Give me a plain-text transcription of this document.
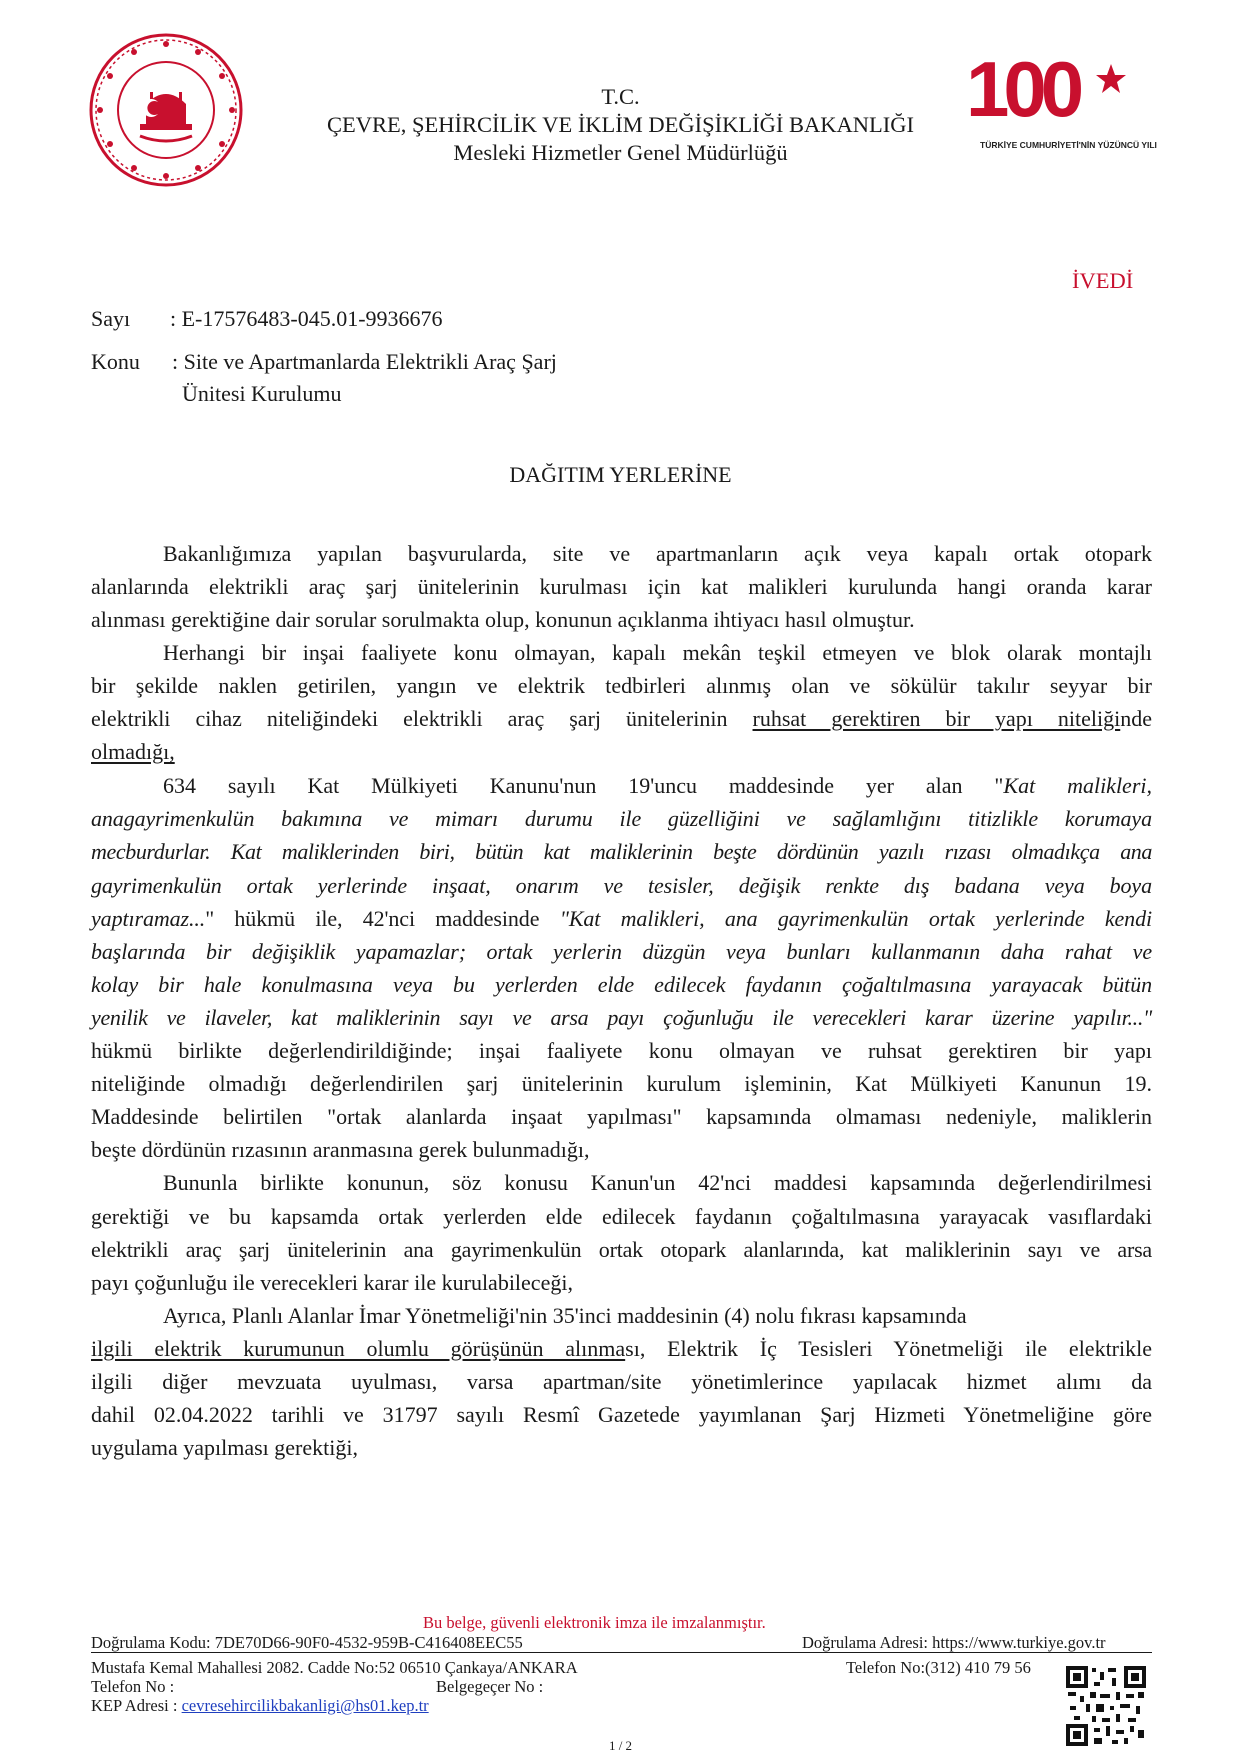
T.C.
ÇEVRE, ŞEHİRCİLİK VE İKLİM DEĞİŞİKLİĞİ BAKANLIĞI
Mesleki Hizmetler Genel Müdürlüğü
100
TÜRKİYE CUMHURİYETİ'NİN YÜZÜNCÜ YILI
İVEDİ
Sayı : E-17576483-045.01-9936676
Konu : Site ve Apartmanlarda Elektrikli Araç Şarj
Ünitesi Kurulumu
DAĞITIM YERLERİNE
Bakanlığımıza yapılan başvurularda, site ve apartmanların açık veya kapalı ortak otopark
alanlarında elektrikli araç şarj ünitelerinin kurulması için kat malikleri kurulunda hangi oranda karar
alınması gerektiğine dair sorular sorulmakta olup, konunun açıklanma ihtiyacı hasıl olmuştur.
Herhangi bir inşai faaliyete konu olmayan, kapalı mekân teşkil etmeyen ve blok olarak montajlı
bir şekilde naklen getirilen, yangın ve elektrik tedbirleri alınmış olan ve sökülür takılır seyyar bir
elektrikli cihaz niteliğindeki elektrikli araç şarj ünitelerinin ruhsat gerektiren bir yapı niteliğinde
olmadığı,
634 sayılı Kat Mülkiyeti Kanunu'nun 19'uncu maddesinde yer alan "Kat malikleri,
anagayrimenkulün bakımına ve mimarı durumu ile güzelliğini ve sağlamlığını titizlikle korumaya
mecburdurlar. Kat maliklerinden biri, bütün kat maliklerinin beşte dördünün yazılı rızası olmadıkça ana
gayrimenkulün ortak yerlerinde inşaat, onarım ve tesisler, değişik renkte dış badana veya boya
yaptıramaz..." hükmü ile, 42'nci maddesinde "Kat malikleri, ana gayrimenkulün ortak yerlerinde kendi
başlarında bir değişiklik yapamazlar; ortak yerlerin düzgün veya bunları kullanmanın daha rahat ve
kolay bir hale konulmasına veya bu yerlerden elde edilecek faydanın çoğaltılmasına yarayacak bütün
yenilik ve ilaveler, kat maliklerinin sayı ve arsa payı çoğunluğu ile verecekleri karar üzerine yapılır..."
hükmü birlikte değerlendirildiğinde; inşai faaliyete konu olmayan ve ruhsat gerektiren bir yapı
niteliğinde olmadığı değerlendirilen şarj ünitelerinin kurulum işleminin, Kat Mülkiyeti Kanunun 19.
Maddesinde belirtilen "ortak alanlarda inşaat yapılması" kapsamında olmaması nedeniyle, maliklerin
beşte dördünün rızasının aranmasına gerek bulunmadığı,
Bununla birlikte konunun, söz konusu Kanun'un 42'nci maddesi kapsamında değerlendirilmesi
gerektiği ve bu kapsamda ortak yerlerden elde edilecek faydanın çoğaltılmasına yarayacak vasıflardaki
elektrikli araç şarj ünitelerinin ana gayrimenkulün ortak otopark alanlarında, kat maliklerinin sayı ve arsa
payı çoğunluğu ile verecekleri karar ile kurulabileceği,
Ayrıca, Planlı Alanlar İmar Yönetmeliği'nin 35'inci maddesinin (4) nolu fıkrası kapsamında
ilgili elektrik kurumunun olumlu görüşünün alınması, Elektrik İç Tesisleri Yönetmeliği ile elektrikle
ilgili diğer mevzuata uyulması, varsa apartman/site yönetimlerince yapılacak hizmet alımı da
dahil 02.04.2022 tarihli ve 31797 sayılı Resmî Gazetede yayımlanan Şarj Hizmeti Yönetmeliğine göre
uygulama yapılması gerektiği,
Bu belge, güvenli elektronik imza ile imzalanmıştır.
Doğrulama Kodu: 7DE70D66-90F0-4532-959B-C416408EEC55	Doğrulama Adresi: https://www.turkiye.gov.tr
Mustafa Kemal Mahallesi 2082. Cadde No:52 06510 Çankaya/ANKARA	Telefon No:(312) 410 79 56
Telefon No :	Belgegeçer No :
KEP Adresi : cevresehircilikbakanligi@hs01.kep.tr
1 / 2
